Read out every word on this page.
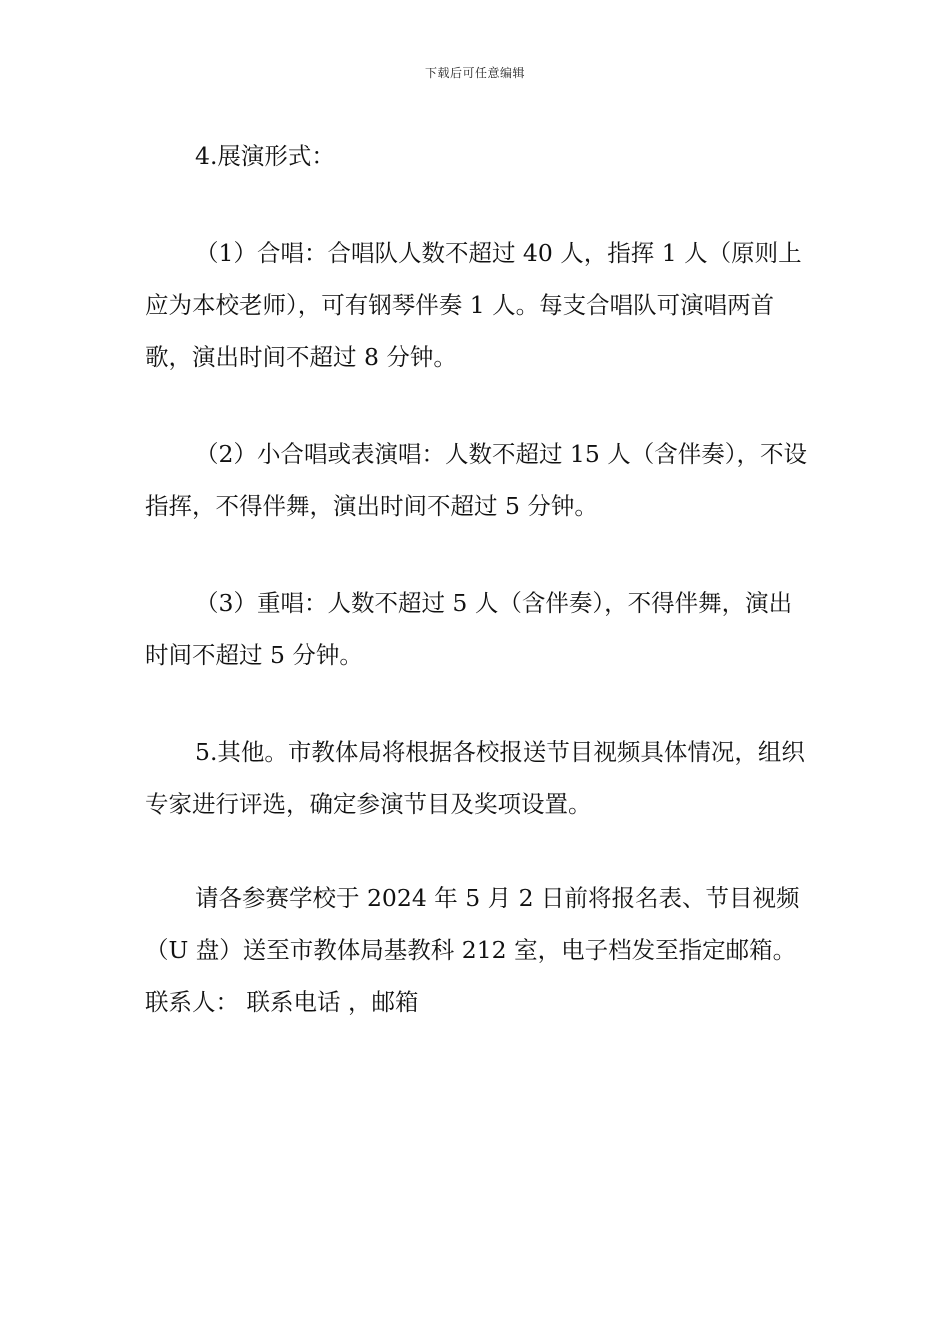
下载后可任意编辑

4.展演形式：

（1）合唱：合唱队人数不超过 40 人，指挥 1 人（原则上应为本校老师），可有钢琴伴奏 1 人。每支合唱队可演唱两首歌，演出时间不超过 8 分钟。

（2）小合唱或表演唱：人数不超过 15 人（含伴奏），不设指挥，不得伴舞，演出时间不超过 5 分钟。

（3）重唱：人数不超过 5 人（含伴奏），不得伴舞，演出时间不超过 5 分钟。

5.其他。市教体局将根据各校报送节目视频具体情况，组织专家进行评选，确定参演节目及奖项设置。

请各参赛学校于 2024 年 5 月 2 日前将报名表、节目视频（U 盘）送至市教体局基教科 212 室，电子档发至指定邮箱。联系人： 联系电话 ，邮箱
